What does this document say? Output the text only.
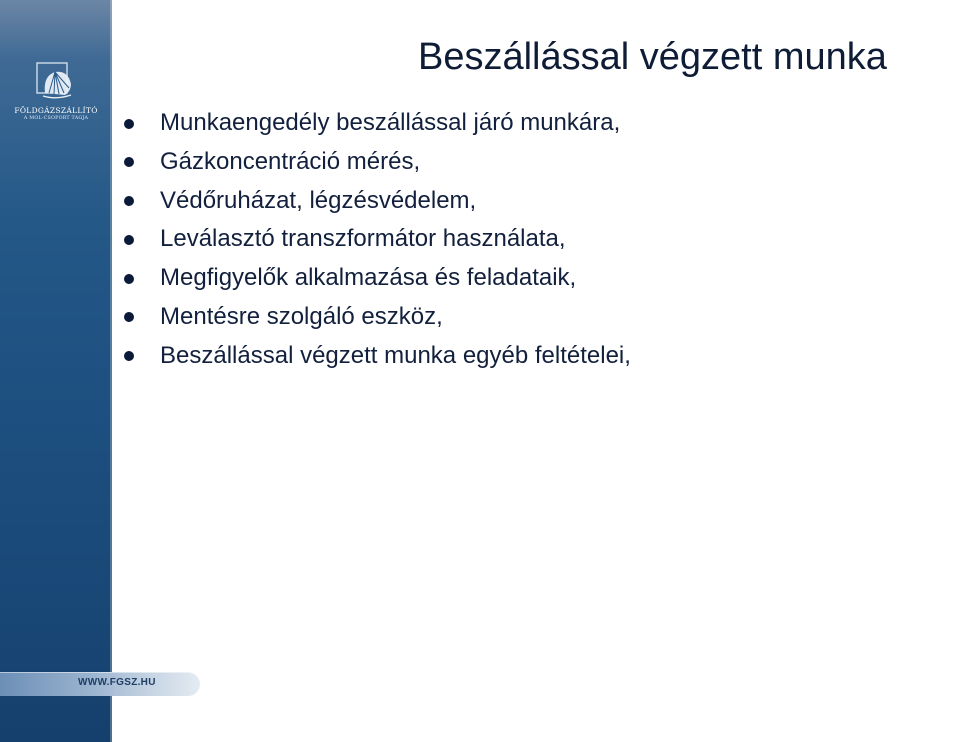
FÖLDGÁZSZÁLLÍTÓ
A MOL-CSOPORT TAGJA
WWW.FGSZ.HU
Beszállással végzett munka
Munkaengedély beszállással járó munkára,
Gázkoncentráció mérés,
Védőruházat, légzésvédelem,
Leválasztó transzformátor használata,
Megfigyelők alkalmazása és feladataik,
Mentésre szolgáló eszköz,
Beszállással végzett munka egyéb feltételei,
